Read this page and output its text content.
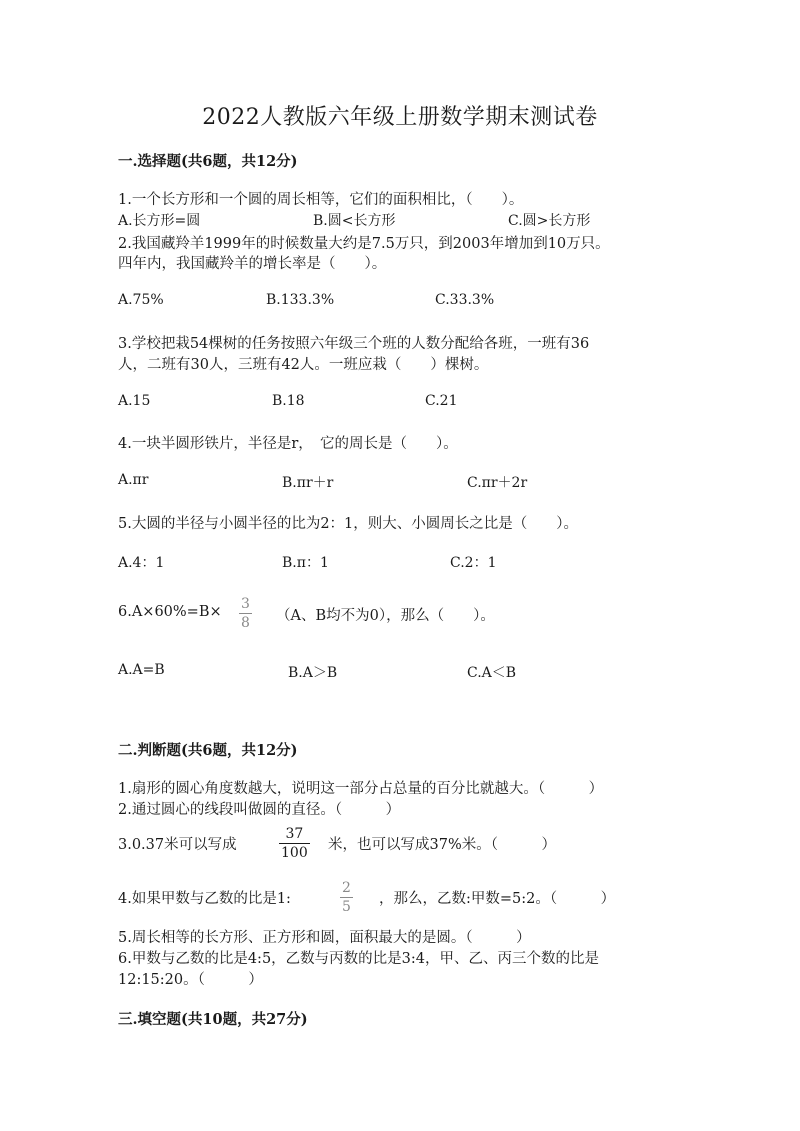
2022人教版六年级上册数学期末测试卷
一.选择题(共6题，共12分)
1.一个长方形和一个圆的周长相等，它们的面积相比，（　　）。
A.长方形=圆	B.圆<长方形	C.圆>长方形
2.我国藏羚羊1999年的时候数量大约是7.5万只，到2003年增加到10万只。
四年内，我国藏羚羊的增长率是（　　）。
A.75%	B.133.3%	C.33.3%
3.学校把栽54棵树的任务按照六年级三个班的人数分配给各班，一班有36
人，二班有30人，三班有42人。一班应栽（　　）棵树。
A.15	B.18	C.21
4.一块半圆形铁片，半径是r，　它的周长是（　　）。
A.πr	B.πr＋r	C.πr＋2r
5.大圆的半径与小圆半径的比为2：1，则大、小圆周长之比是（　　）。
A.4：1	B.π：1	C.2：1
6.A×60%=B× 3
8 （A、B均不为0），那么（　　）。
A.A=B	B.A＞B	C.A＜B
二.判断题(共6题，共12分)
1.扇形的圆心角度数越大，说明这一部分占总量的百分比就越大。（　　　）
2.通过圆心的线段叫做圆的直径。（　　　）
3.0.37米可以写成
37
100 米，也可以写成37%米。（　　　）
4.如果甲数与乙数的比是1:
2
5 ，那么，乙数:甲数=5:2。（　　　）
5.周长相等的长方形、正方形和圆，面积最大的是圆。（　　　）
6.甲数与乙数的比是4:5，乙数与丙数的比是3:4，甲、乙、丙三个数的比是
12:15:20。（　　　）
三.填空题(共10题，共27分)
